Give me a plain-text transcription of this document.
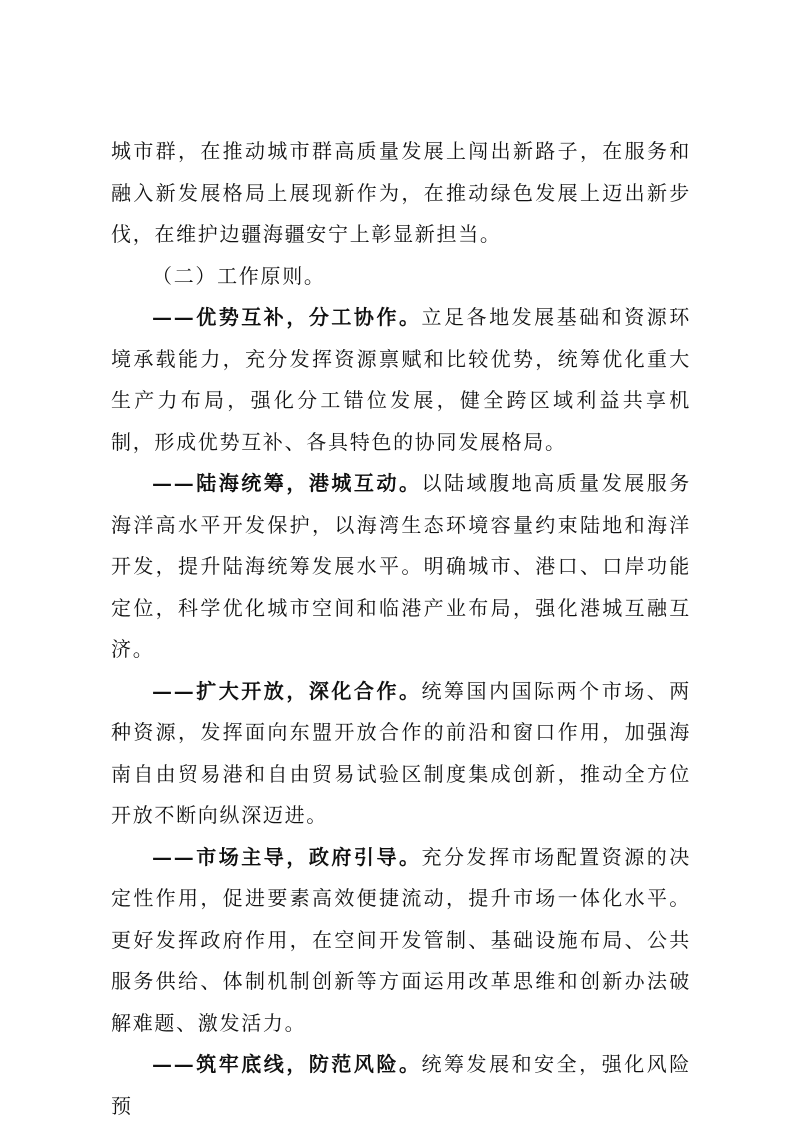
城市群，在推动城市群高质量发展上闯出新路子，在服务和融入新发展格局上展现新作为，在推动绿色发展上迈出新步伐，在维护边疆海疆安宁上彰显新担当。

（二）工作原则。

——优势互补，分工协作。立足各地发展基础和资源环境承载能力，充分发挥资源禀赋和比较优势，统筹优化重大生产力布局，强化分工错位发展，健全跨区域利益共享机制，形成优势互补、各具特色的协同发展格局。

——陆海统筹，港城互动。以陆域腹地高质量发展服务海洋高水平开发保护，以海湾生态环境容量约束陆地和海洋开发，提升陆海统筹发展水平。明确城市、港口、口岸功能定位，科学优化城市空间和临港产业布局，强化港城互融互济。

——扩大开放，深化合作。统筹国内国际两个市场、两种资源，发挥面向东盟开放合作的前沿和窗口作用，加强海南自由贸易港和自由贸易试验区制度集成创新，推动全方位开放不断向纵深迈进。

——市场主导，政府引导。充分发挥市场配置资源的决定性作用，促进要素高效便捷流动，提升市场一体化水平。更好发挥政府作用，在空间开发管制、基础设施布局、公共服务供给、体制机制创新等方面运用改革思维和创新办法破解难题、激发活力。

——筑牢底线，防范风险。统筹发展和安全，强化风险预
